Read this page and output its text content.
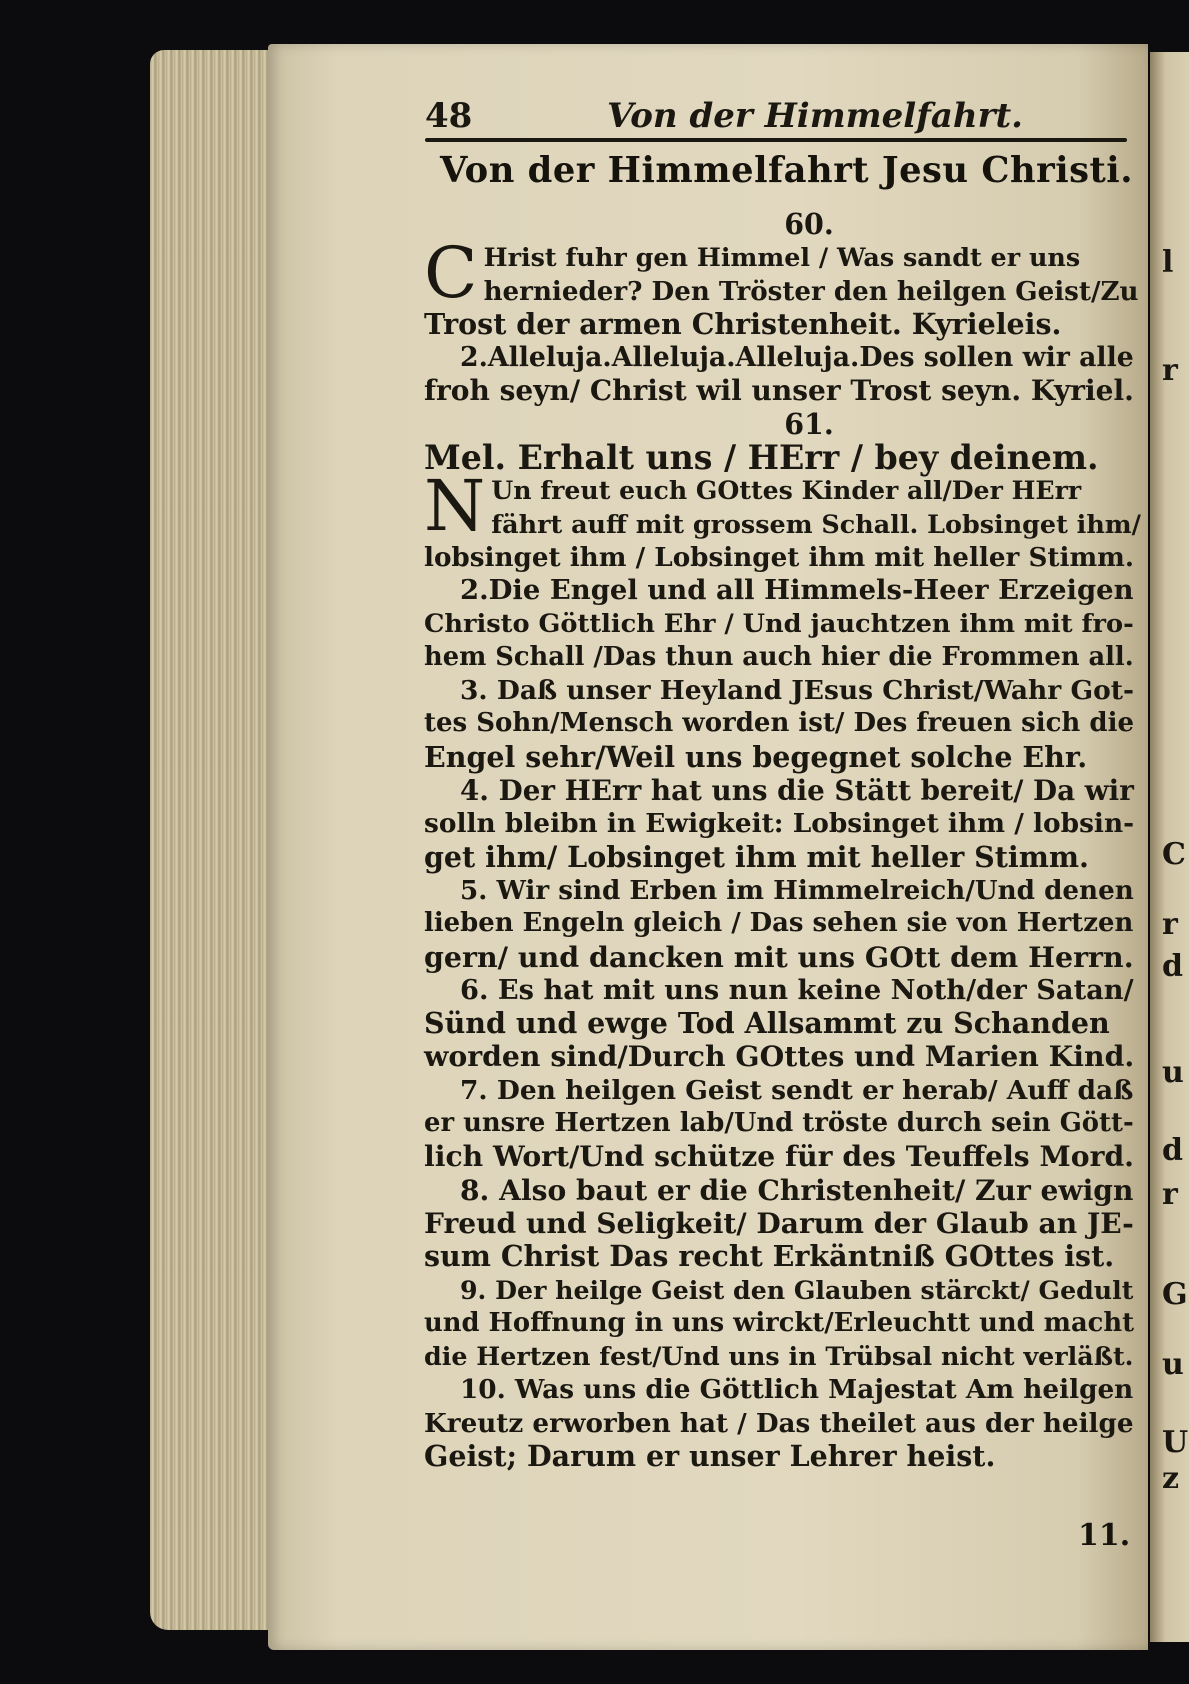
l
r
C
r
d
u
d
r
G
u
U
z
48	Von der Himmelfahrt.
Von der Himmelfahrt Jesu Christi.
60.
C Hrist fuhr gen Himmel / Was sandt er uns
hernieder? Den Tröster den heilgen Geist/Zu
Trost der armen Christenheit. Kyrieleis.
2.Alleluja.Alleluja.Alleluja.Des sollen wir alle
froh seyn/ Christ wil unser Trost seyn. Kyriel.
61.
Mel. Erhalt uns / HErr / bey deinem.
N Un freut euch GOttes Kinder all/Der HErr
fährt auff mit grossem Schall. Lobsinget ihm/
lobsinget ihm / Lobsinget ihm mit heller Stimm.
2.Die Engel und all Himmels-Heer Erzeigen
Christo Göttlich Ehr / Und jauchtzen ihm mit fro-
hem Schall /Das thun auch hier die Frommen all.
3. Daß unser Heyland JEsus Christ/Wahr Got-
tes Sohn/Mensch worden ist/ Des freuen sich die
Engel sehr/Weil uns begegnet solche Ehr.
4. Der HErr hat uns die Stätt bereit/ Da wir
solln bleibn in Ewigkeit: Lobsinget ihm / lobsin-
get ihm/ Lobsinget ihm mit heller Stimm.
5. Wir sind Erben im Himmelreich/Und denen
lieben Engeln gleich / Das sehen sie von Hertzen
gern/ und dancken mit uns GOtt dem Herrn.
6. Es hat mit uns nun keine Noth/der Satan/
Sünd und ewge Tod Allsammt zu Schanden
worden sind/Durch GOttes und Marien Kind.
7. Den heilgen Geist sendt er herab/ Auff daß
er unsre Hertzen lab/Und tröste durch sein Gött-
lich Wort/Und schütze für des Teuffels Mord.
8. Also baut er die Christenheit/ Zur ewign
Freud und Seligkeit/ Darum der Glaub an JE-
sum Christ Das recht Erkäntniß GOttes ist.
9. Der heilge Geist den Glauben stärckt/ Gedult
und Hoffnung in uns wirckt/Erleuchtt und macht
die Hertzen fest/Und uns in Trübsal nicht verläßt.
10. Was uns die Göttlich Majestat Am heilgen
Kreutz erworben hat / Das theilet aus der heilge
Geist; Darum er unser Lehrer heist.
11.
